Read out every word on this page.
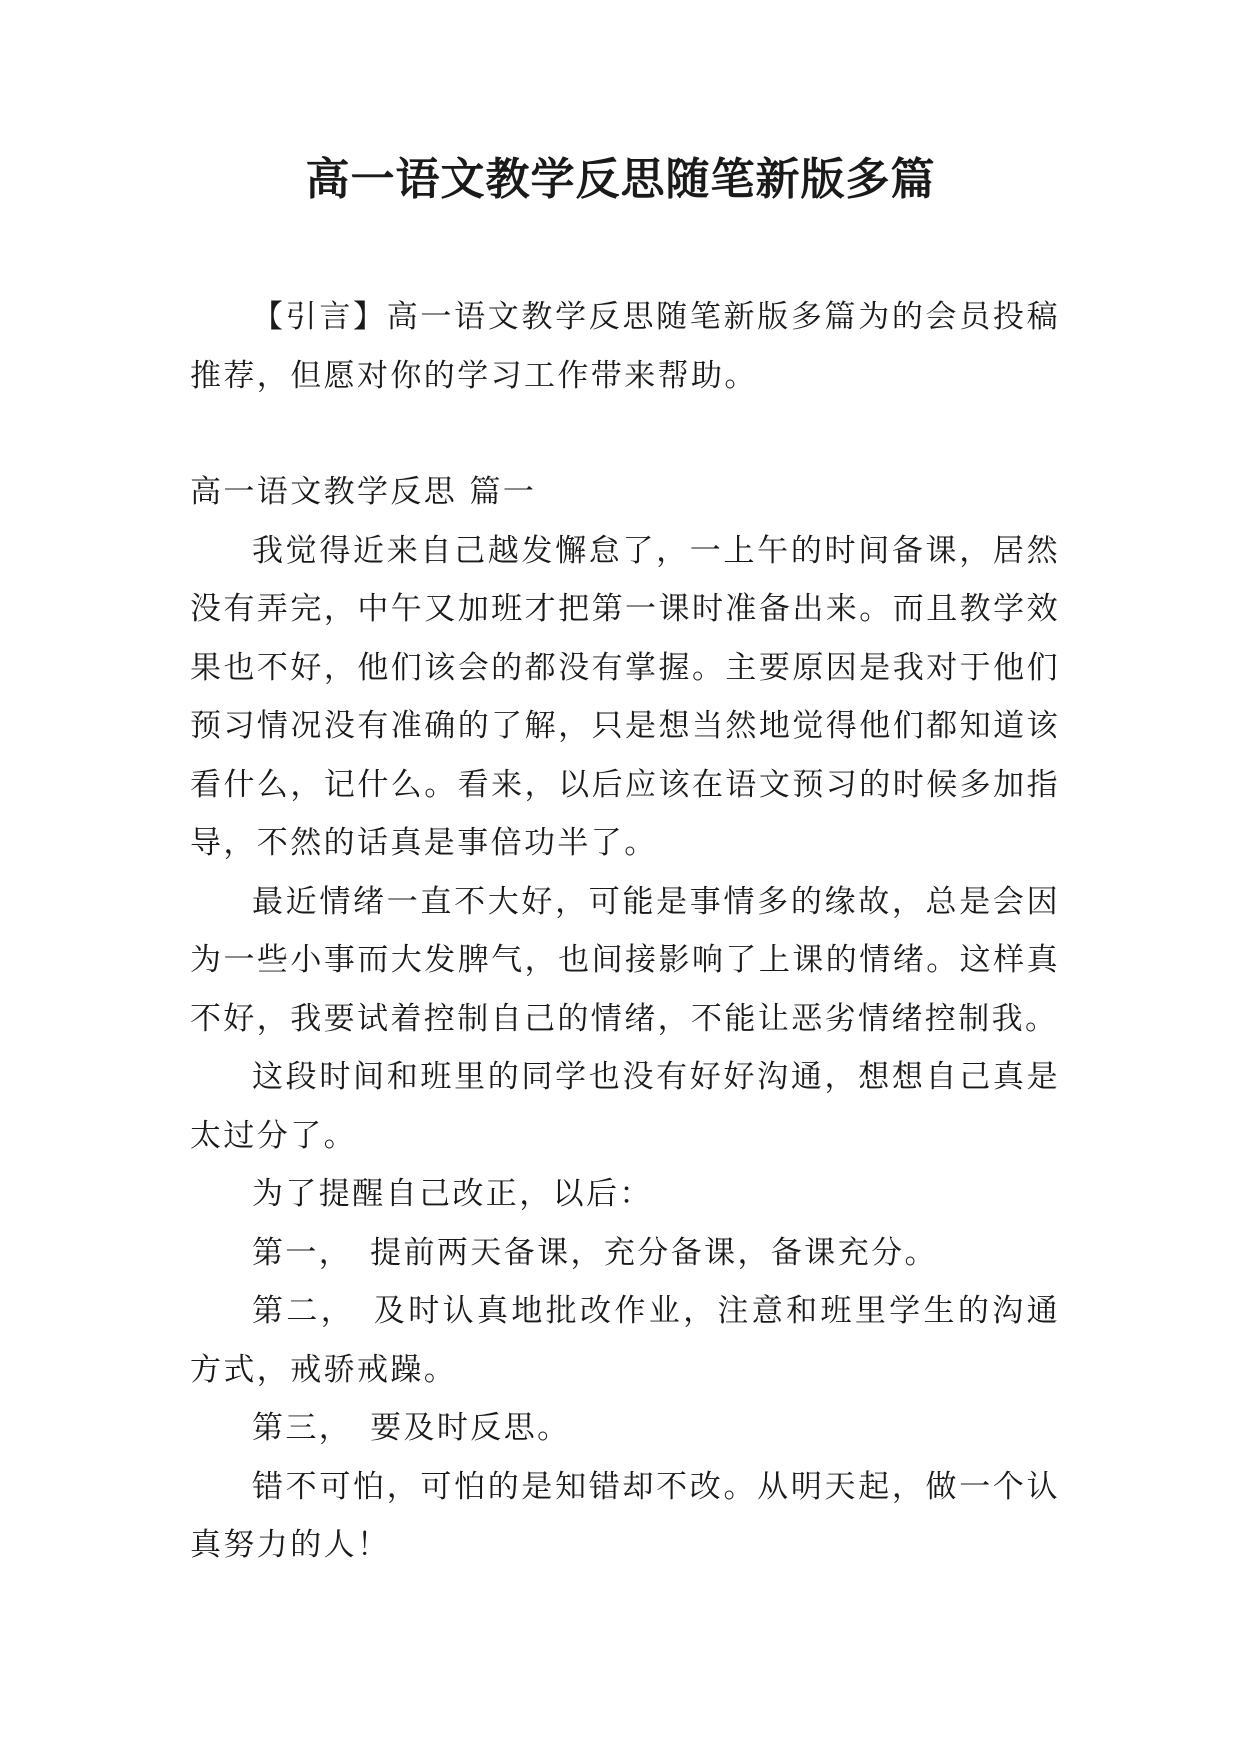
高一语文教学反思随笔新版多篇

【引言】高一语文教学反思随笔新版多篇为的会员投稿推荐，但愿对你的学习工作带来帮助。

高一语文教学反思 篇一

我觉得近来自己越发懈怠了，一上午的时间备课，居然没有弄完，中午又加班才把第一课时准备出来。而且教学效果也不好，他们该会的都没有掌握。主要原因是我对于他们预习情况没有准确的了解，只是想当然地觉得他们都知道该看什么，记什么。看来，以后应该在语文预习的时候多加指导，不然的话真是事倍功半了。

最近情绪一直不大好，可能是事情多的缘故，总是会因为一些小事而大发脾气，也间接影响了上课的情绪。这样真不好，我要试着控制自己的情绪，不能让恶劣情绪控制我。

这段时间和班里的同学也没有好好沟通，想想自己真是太过分了。

为了提醒自己改正，以后：

第一，　提前两天备课，充分备课，备课充分。

第二，　及时认真地批改作业，注意和班里学生的沟通方式，戒骄戒躁。

第三，　要及时反思。

错不可怕，可怕的是知错却不改。从明天起，做一个认真努力的人！
